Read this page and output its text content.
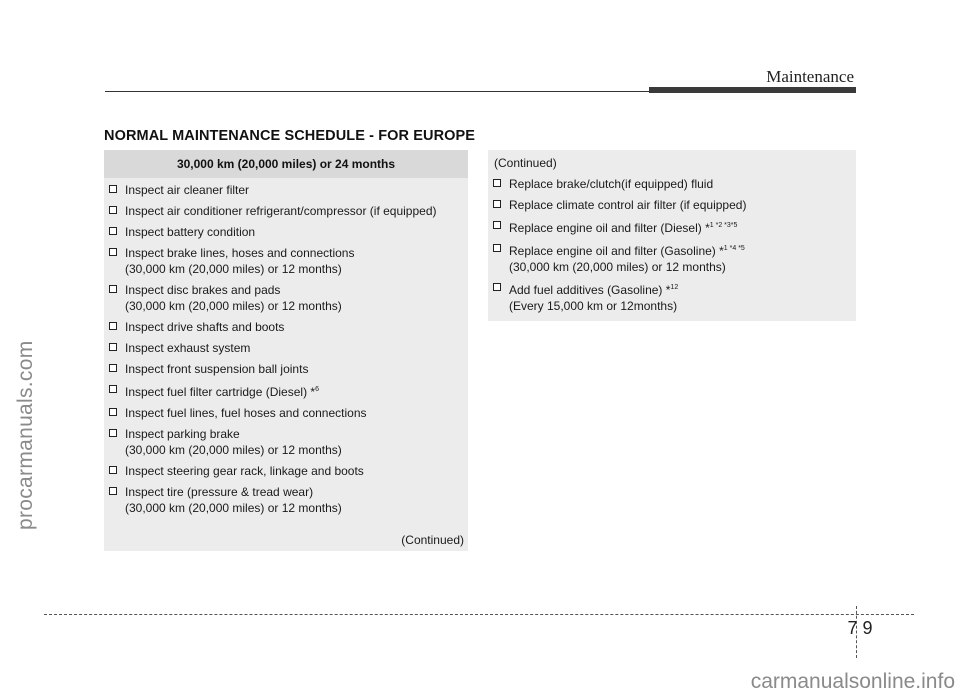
procarmanuals.com
Maintenance
NORMAL MAINTENANCE SCHEDULE - FOR EUROPE
30,000 km (20,000 miles) or 24 months
Inspect air cleaner filter
Inspect air conditioner refrigerant/compressor (if equipped)
Inspect battery condition
Inspect brake lines, hoses and connections
(30,000 km (20,000 miles) or 12 months)
Inspect disc brakes and pads
(30,000 km (20,000 miles) or 12 months)
Inspect drive shafts and boots
Inspect exhaust system
Inspect front suspension ball joints
Inspect fuel filter cartridge (Diesel) *$^6$
Inspect fuel lines, fuel hoses and connections
Inspect parking brake
(30,000 km (20,000 miles) or 12 months)
Inspect steering gear rack, linkage and boots
Inspect tire (pressure & tread wear)
(30,000 km (20,000 miles) or 12 months)
(Continued)
(Continued)
Replace brake/clutch(if equipped) fluid
Replace climate control air filter (if equipped)
Replace engine oil and filter (Diesel) *$^{1 *2 *3*5}$
Replace engine oil and filter (Gasoline) *$^{1 *4 *5}$
(30,000 km (20,000 miles) or 12 months)
Add fuel additives (Gasoline) *$^{12}$
(Every 15,000 km or 12months)
7 9
carmanualsonline.info
